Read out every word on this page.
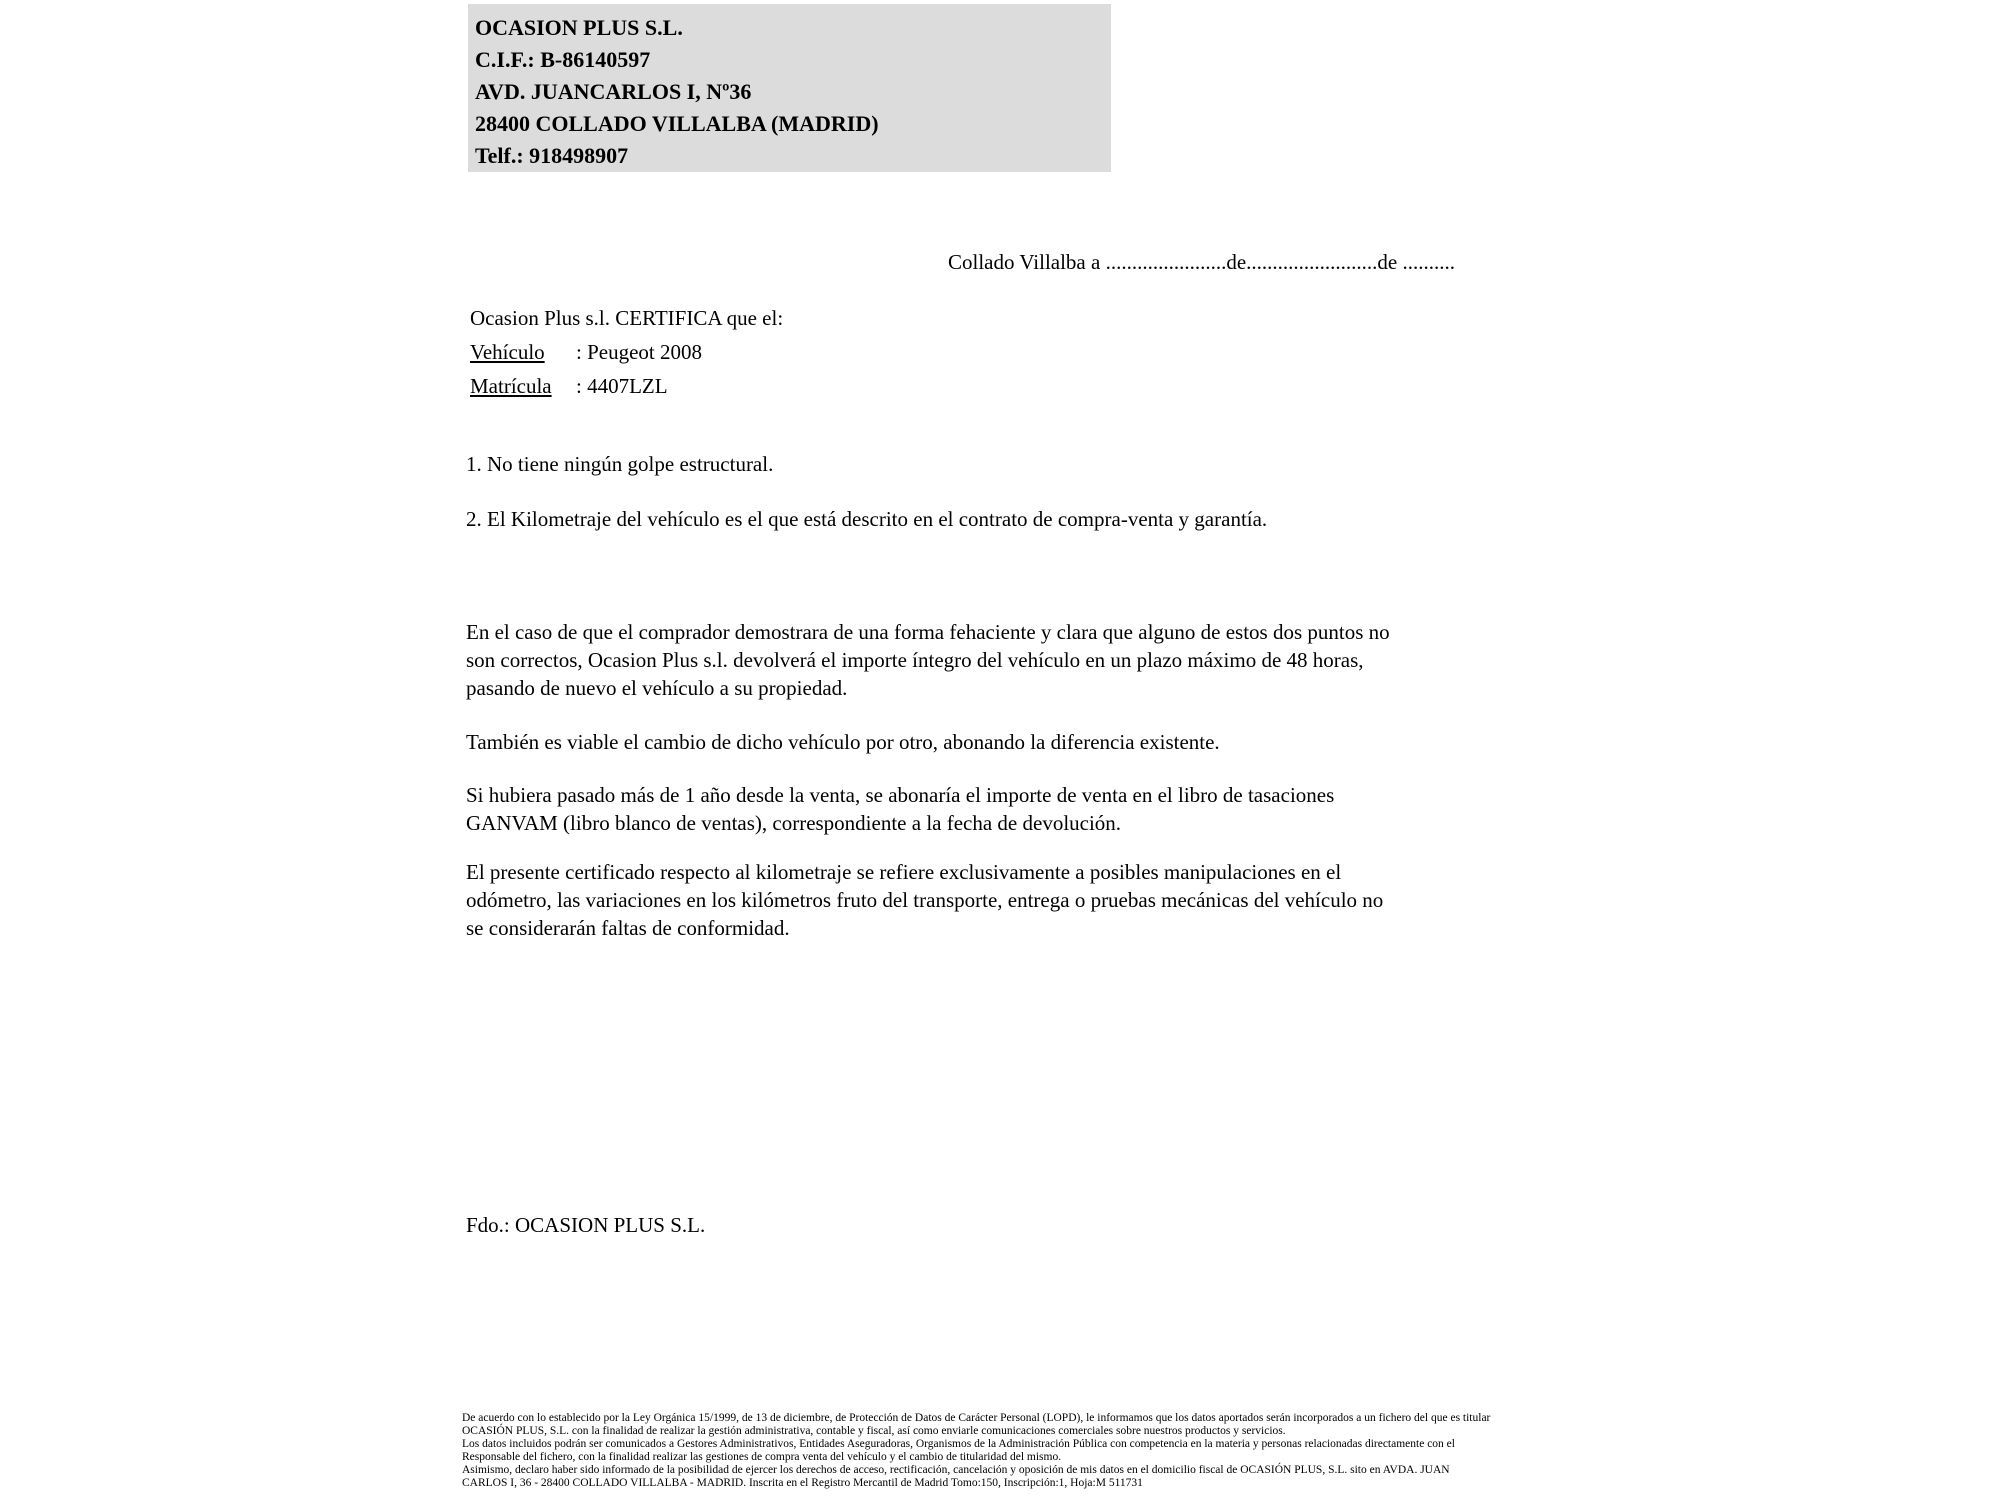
OCASION PLUS S.L.
C.I.F.: B-86140597
AVD. JUANCARLOS I, Nº36
28400 COLLADO VILLALBA (MADRID)
Telf.: 918498907
Collado Villalba a .......................de.........................de ..........
Ocasion Plus s.l. CERTIFICA que el:
Vehículo : Peugeot 2008
Matrícula : 4407LZL
1. No tiene ningún golpe estructural.
2. El Kilometraje del vehículo es el que está descrito en el contrato de compra-venta y garantía.
En el caso de que el comprador demostrara de una forma fehaciente y clara que alguno de estos dos puntos no
son correctos, Ocasion Plus s.l. devolverá el importe íntegro del vehículo en un plazo máximo de 48 horas,
pasando de nuevo el vehículo a su propiedad.
También es viable el cambio de dicho vehículo por otro, abonando la diferencia existente.
Si hubiera pasado más de 1 año desde la venta, se abonaría el importe de venta en el libro de tasaciones
GANVAM (libro blanco de ventas), correspondiente a la fecha de devolución.
El presente certificado respecto al kilometraje se refiere exclusivamente a posibles manipulaciones en el
odómetro, las variaciones en los kilómetros fruto del transporte, entrega o pruebas mecánicas del vehículo no
se considerarán faltas de conformidad.
Fdo.: OCASION PLUS S.L.
De acuerdo con lo establecido por la Ley Orgánica 15/1999, de 13 de diciembre, de Protección de Datos de Carácter Personal (LOPD), le informamos que los datos aportados serán incorporados a un fichero del que es titular
OCASIÓN PLUS, S.L. con la finalidad de realizar la gestión administrativa, contable y fiscal, así como enviarle comunicaciones comerciales sobre nuestros productos y servicios.
Los datos incluidos podrán ser comunicados a Gestores Administrativos, Entidades Aseguradoras, Organismos de la Administración Pública con competencia en la materia y personas relacionadas directamente con el
Responsable del fichero, con la finalidad realizar las gestiones de compra venta del vehículo y el cambio de titularidad del mismo.
Asimismo, declaro haber sido informado de la posibilidad de ejercer los derechos de acceso, rectificación, cancelación y oposición de mis datos en el domicilio fiscal de OCASIÓN PLUS, S.L. sito en AVDA. JUAN
CARLOS I, 36 - 28400 COLLADO VILLALBA - MADRID. Inscrita en el Registro Mercantil de Madrid Tomo:150, Inscripción:1, Hoja:M 511731
